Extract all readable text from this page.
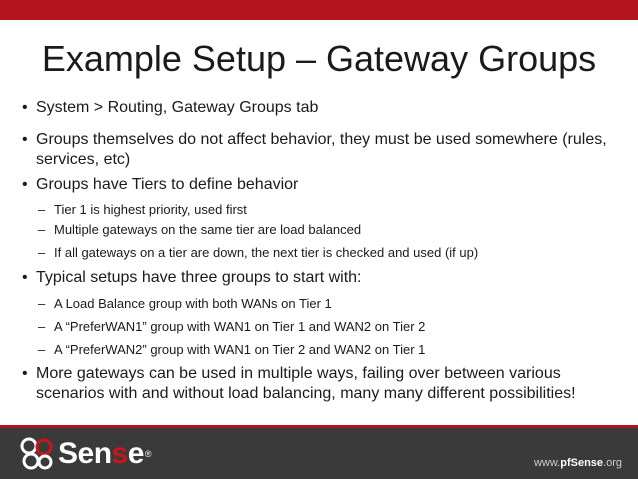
Example Setup – Gateway Groups
• System > Routing, Gateway Groups tab
• Groups themselves do not affect behavior, they must be used somewhere (rules, services, etc)
• Groups have Tiers to define behavior
– Tier 1 is highest priority, used first
– Multiple gateways on the same tier are load balanced
– If all gateways on a tier are down, the next tier is checked and used (if up)
• Typical setups have three groups to start with:
– A Load Balance group with both WANs on Tier 1
– A “PreferWAN1” group with WAN1 on Tier 1 and WAN2 on Tier 2
– A “PreferWAN2” group with WAN1 on Tier 2 and WAN2 on Tier 1
• More gateways can be used in multiple ways, failing over between various scenarios with and without load balancing, many many different possibilities!
Sense®
www.pfSense.org
